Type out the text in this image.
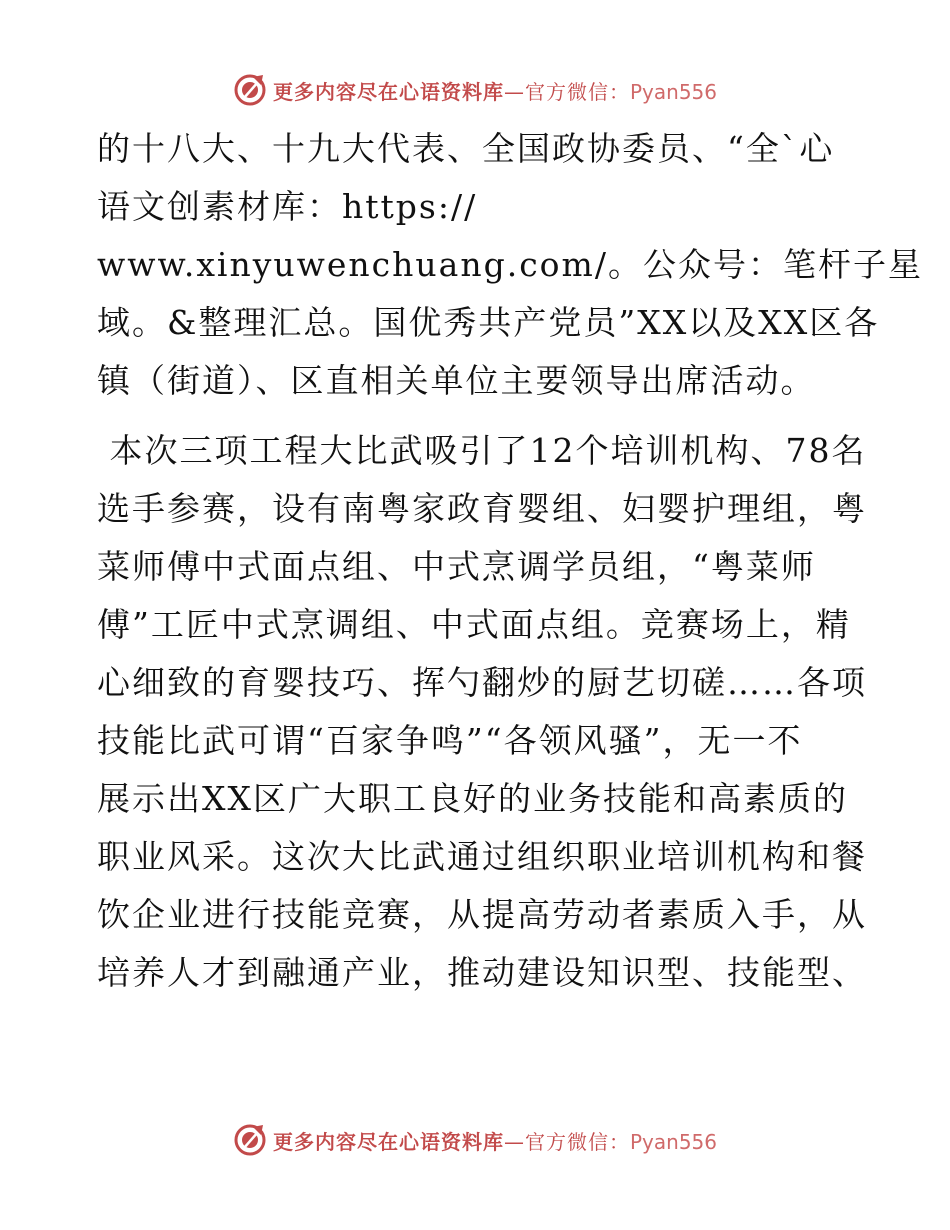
更多内容尽在心语资料库—官方微信：Pyan556

的十八大、十九大代表、全国政协委员、“全`心
语文创素材库：https://
www.xinyuwenchuang.com/。公众号：笔杆子星
域。&整理汇总。国优秀共产党员”XX以及XX区各
镇（街道）、区直相关单位主要领导出席活动。

本次三项工程大比武吸引了12个培训机构、78名
选手参赛，设有南粤家政育婴组、妇婴护理组，粤
菜师傅中式面点组、中式烹调学员组，“粤菜师
傅”工匠中式烹调组、中式面点组。竞赛场上，精
心细致的育婴技巧、挥勺翻炒的厨艺切磋……各项
技能比武可谓“百家争鸣”“各领风骚”，无一不
展示出XX区广大职工良好的业务技能和高素质的
职业风采。这次大比武通过组织职业培训机构和餐
饮企业进行技能竞赛，从提高劳动者素质入手，从
培养人才到融通产业，推动建设知识型、技能型、

更多内容尽在心语资料库—官方微信：Pyan556
